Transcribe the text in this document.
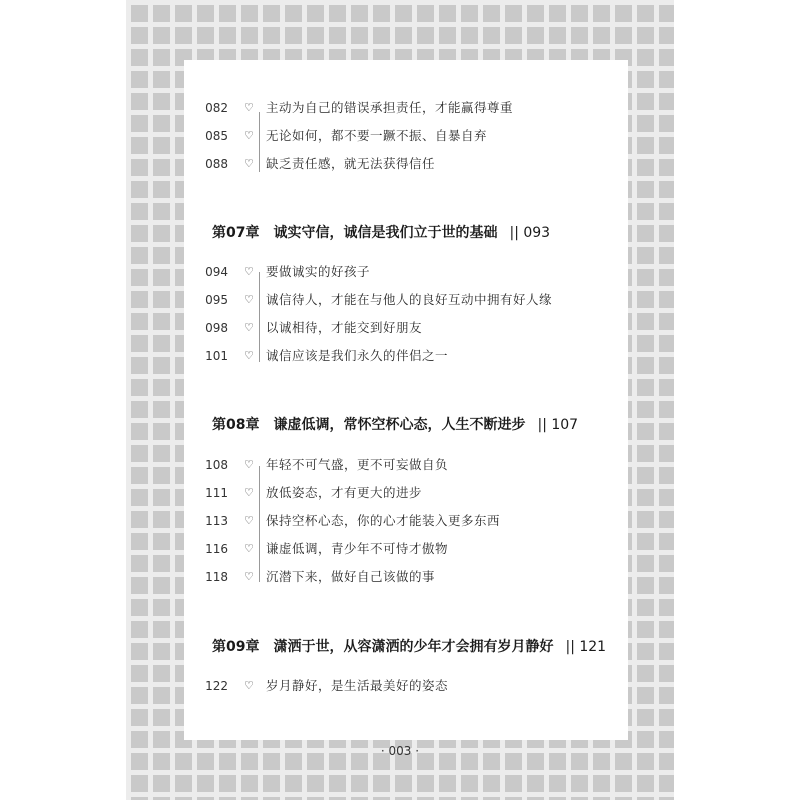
082 ♡ 主动为自己的错误承担责任，才能赢得尊重
085 ♡ 无论如何，都不要一蹶不振、自暴自弃
088 ♡ 缺乏责任感，就无法获得信任
第07章 诚实守信，诚信是我们立于世的基础 || 093
094 ♡ 要做诚实的好孩子
095 ♡ 诚信待人，才能在与他人的良好互动中拥有好人缘
098 ♡ 以诚相待，才能交到好朋友
101 ♡ 诚信应该是我们永久的伴侣之一
第08章 谦虚低调，常怀空杯心态，人生不断进步 || 107
108 ♡ 年轻不可气盛，更不可妄做自负
111 ♡ 放低姿态，才有更大的进步
113 ♡ 保持空杯心态，你的心才能装入更多东西
116 ♡ 谦虚低调，青少年不可恃才傲物
118 ♡ 沉潜下来，做好自己该做的事
第09章 潇洒于世，从容潇洒的少年才会拥有岁月静好 || 121
122 ♡ 岁月静好，是生活最美好的姿态
· 003 ·
